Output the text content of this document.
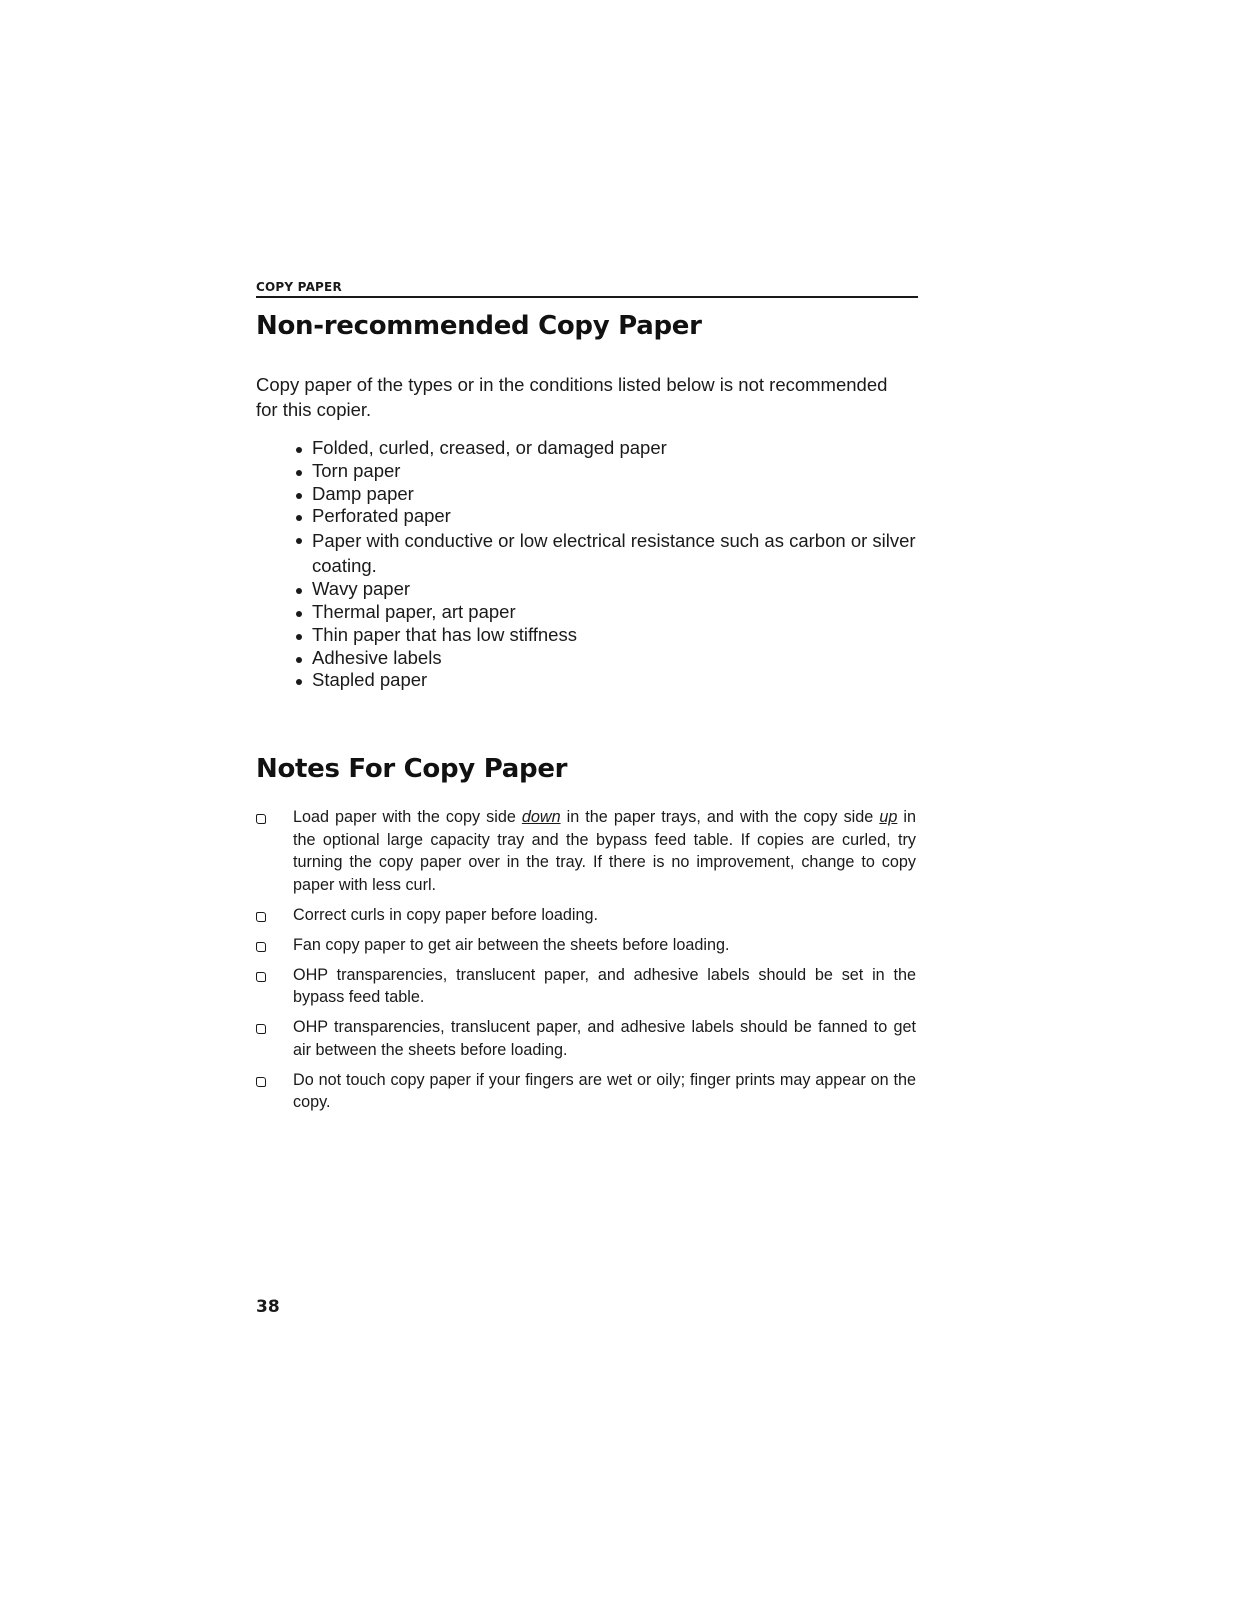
COPY PAPER
Non-recommended Copy Paper

Copy paper of the types or in the conditions listed below is not recommended for this copier.

Folded, curled, creased, or damaged paper
Torn paper
Damp paper
Perforated paper
Paper with conductive or low electrical resistance such as carbon or silver coating.
Wavy paper
Thermal paper, art paper
Thin paper that has low stiffness
Adhesive labels
Stapled paper
Notes For Copy Paper
Load paper with the copy side down in the paper trays, and with the copy side up in the optional large capacity tray and the bypass feed table. If copies are curled, try turning the copy paper over in the tray. If there is no improvement, change to copy paper with less curl.
Correct curls in copy paper before loading.
Fan copy paper to get air between the sheets before loading.
OHP transparencies, translucent paper, and adhesive labels should be set in the bypass feed table.
OHP transparencies, translucent paper, and adhesive labels should be fanned to get air between the sheets before loading.
Do not touch copy paper if your fingers are wet or oily; finger prints may appear on the copy.
38
